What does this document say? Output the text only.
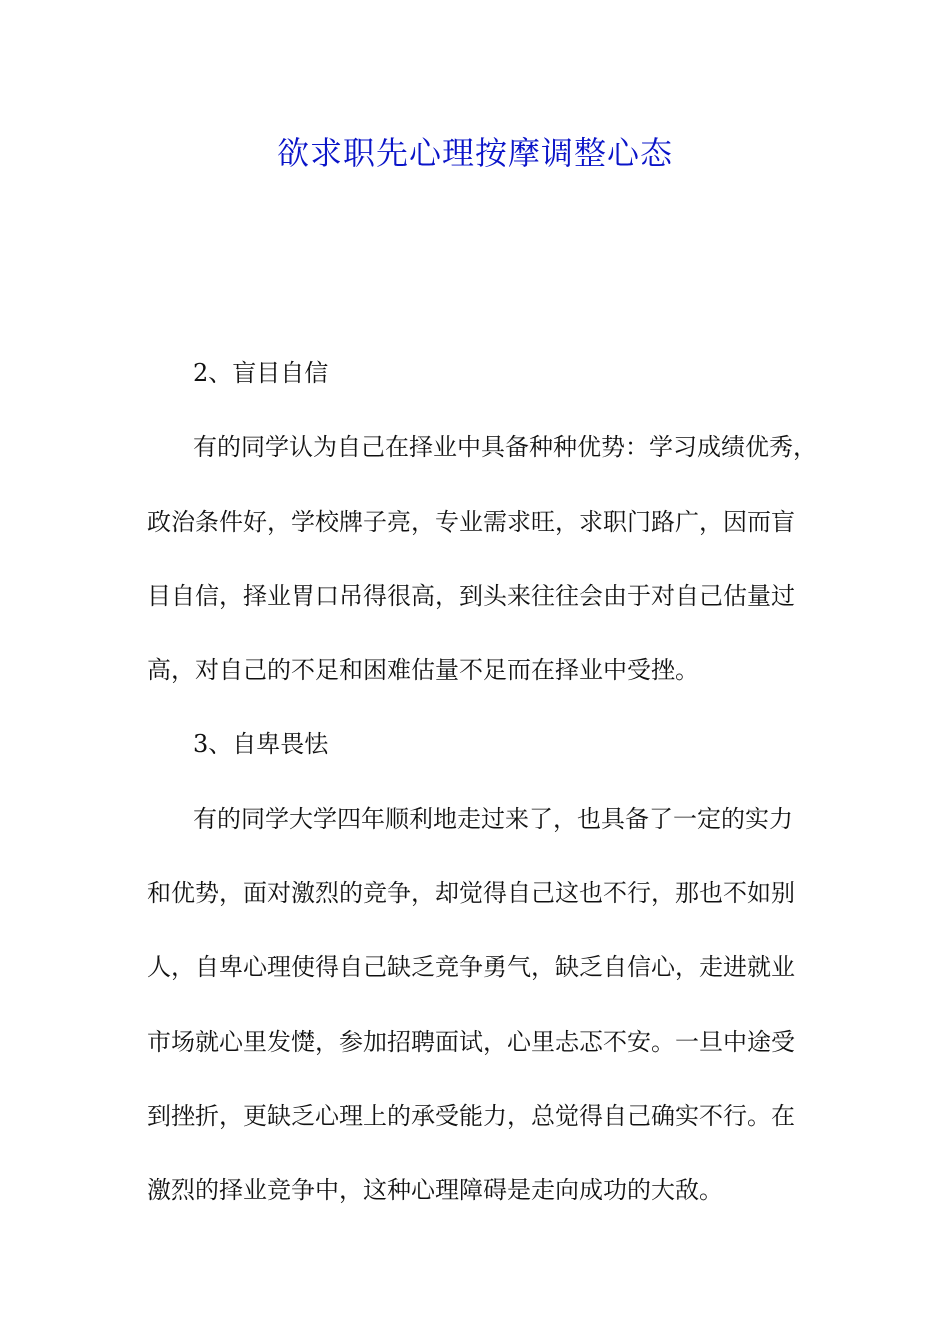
欲求职先心理按摩调整心态

2、盲目自信

有的同学认为自己在择业中具备种种优势：学习成绩优秀，
政治条件好，学校牌子亮，专业需求旺，求职门路广，因而盲
目自信，择业胃口吊得很高，到头来往往会由于对自己估量过
高，对自己的不足和困难估量不足而在择业中受挫。

3、自卑畏怯

有的同学大学四年顺利地走过来了，也具备了一定的实力
和优势，面对激烈的竞争，却觉得自己这也不行，那也不如别
人，自卑心理使得自己缺乏竞争勇气，缺乏自信心，走进就业
市场就心里发憷，参加招聘面试，心里忐忑不安。一旦中途受
到挫折，更缺乏心理上的承受能力，总觉得自己确实不行。在
激烈的择业竞争中，这种心理障碍是走向成功的大敌。
